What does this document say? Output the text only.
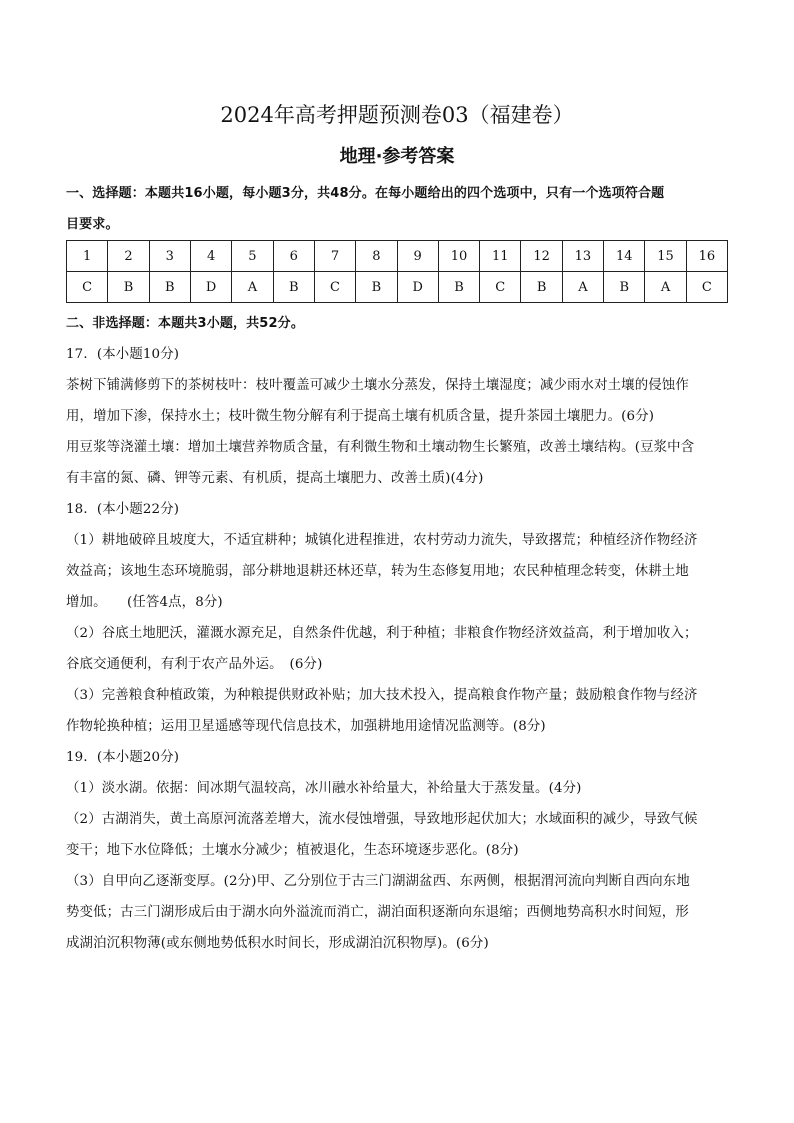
2024年高考押题预测卷03（福建卷）
地理·参考答案
一、选择题：本题共16小题，每小题3分，共48分。在每小题给出的四个选项中，只有一个选项符合题
目要求。
1	2	3	4	5	6	7	8	9	10	11	12	13	14	15	16
C	B	B	D	A	B	C	B	D	B	C	B	A	B	A	C
二、非选择题：本题共3小题，共52分。
17．(本小题10分)
茶树下铺满修剪下的茶树枝叶：枝叶覆盖可减少土壤水分蒸发，保持土壤湿度；减少雨水对土壤的侵蚀作
用，增加下渗，保持水土；枝叶微生物分解有利于提高土壤有机质含量，提升茶园土壤肥力。(6分)
用豆浆等浇灌土壤：增加土壤营养物质含量，有利微生物和土壤动物生长繁殖，改善土壤结构。(豆浆中含
有丰富的氮、磷、钾等元素、有机质，提高土壤肥力、改善土质)(4分)
18．(本小题22分)
（1）耕地破碎且坡度大，不适宜耕种；城镇化进程推进，农村劳动力流失，导致撂荒；种植经济作物经济
效益高；该地生态环境脆弱，部分耕地退耕还林还草，转为生态修复用地；农民种植理念转变，休耕土地
增加。　　(任答4点，8分)
（2）谷底土地肥沃，灌溉水源充足，自然条件优越，利于种植；非粮食作物经济效益高，利于增加收入；
谷底交通便利，有利于农产品外运。　(6分)
（3）完善粮食种植政策，为种粮提供财政补贴；加大技术投入，提高粮食作物产量；鼓励粮食作物与经济
作物轮换种植；运用卫星遥感等现代信息技术，加强耕地用途情况监测等。(8分)
19．(本小题20分)
（1）淡水湖。依据：间冰期气温较高，冰川融水补给量大，补给量大于蒸发量。(4分)
（2）古湖消失，黄土高原河流落差增大，流水侵蚀增强，导致地形起伏加大；水域面积的减少，导致气候
变干；地下水位降低；土壤水分减少；植被退化，生态环境逐步恶化。(8分)
（3）自甲向乙逐渐变厚。(2分)甲、乙分别位于古三门湖湖盆西、东两侧，根据渭河流向判断自西向东地
势变低；古三门湖形成后由于湖水向外溢流而消亡，湖泊面积逐渐向东退缩；西侧地势高积水时间短，形
成湖泊沉积物薄(或东侧地势低积水时间长，形成湖泊沉积物厚)。(6分)
